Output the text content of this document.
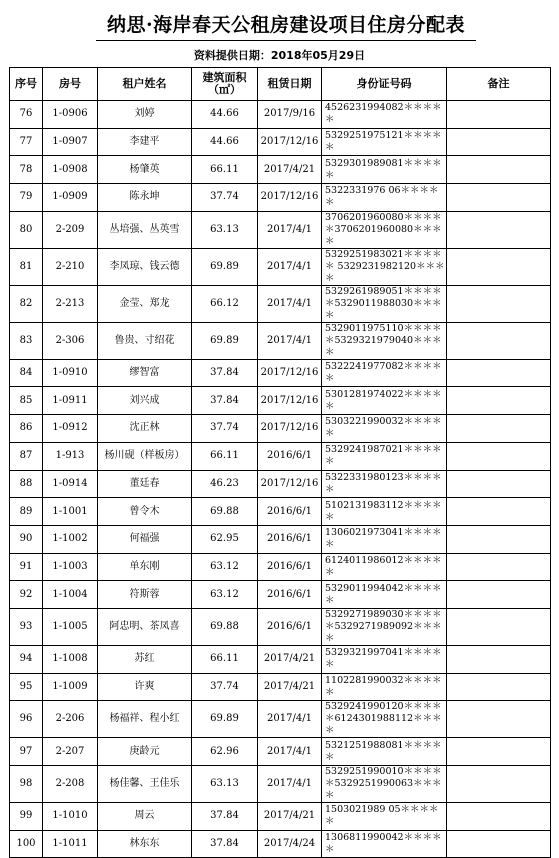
纳思·海岸春天公租房建设项目住房分配表
资料提供日期：2018年05月29日
序号	房号	租户姓名	建筑面积（㎡）	租赁日期	身份证号码	备注
76	1-0906	刘婷	44.66	2017/9/16	4526231994082＊＊＊＊＊	
77	1-0907	李建平	44.66	2017/12/16	5329251975121＊＊＊＊＊	
78	1-0908	杨肇英	66.11	2017/4/21	5329301989081＊＊＊＊＊	
79	1-0909	陈永坤	37.74	2017/12/16	5322331976 06＊＊＊＊＊	
80	2-209	丛培强、丛英雪	63.13	2017/4/1	3706201960080＊＊＊＊＊3706201960080＊＊＊＊	
81	2-210	李凤琼、钱云德	69.89	2017/4/1	5329251983021＊＊＊＊＊ 5329231982120＊＊＊＊	
82	2-213	金莹、郑龙	66.12	2017/4/1	5329261989051＊＊＊＊＊5329011988030＊＊＊＊	
83	2-306	鲁贵、寸绍花	69.89	2017/4/1	5329011975110＊＊＊＊＊5329321979040＊＊＊＊	
84	1-0910	缪智富	37.84	2017/12/16	5322241977082＊＊＊＊＊	
85	1-0911	刘兴成	37.84	2017/12/16	5301281974022＊＊＊＊＊	
86	1-0912	沈正林	37.74	2017/12/16	5303221990032＊＊＊＊＊	
87	1-913	杨川砚（样板房）	66.11	2016/6/1	5329241987021＊＊＊＊＊	
88	1-0914	董廷春	46.23	2017/12/16	5322331980123＊＊＊＊＊	
89	1-1001	曾令木	69.88	2016/6/1	5102131983112＊＊＊＊＊	
90	1-1002	何福强	62.95	2016/6/1	1306021973041＊＊＊＊＊	
91	1-1003	单东刚	63.12	2016/6/1	6124011986012＊＊＊＊＊	
92	1-1004	符斯蓉	63.12	2016/6/1	5329011994042＊＊＊＊＊	
93	1-1005	阿忠明、茶凤喜	69.88	2016/6/1	5329271989030＊＊＊＊＊5329271989092＊＊＊＊	
94	1-1008	苏红	66.11	2017/4/21	5329321997041＊＊＊＊＊	
95	1-1009	许爽	37.74	2017/4/21	1102281990032＊＊＊＊＊	
96	2-206	杨福祥、程小红	69.89	2017/4/1	5329241990120＊＊＊＊＊6124301988112＊＊＊＊	
97	2-207	庚龄元	62.96	2017/4/1	5321251988081＊＊＊＊＊	
98	2-208	杨佳馨、王佳乐	63.13	2017/4/1	5329251990010＊＊＊＊＊5329251990063＊＊＊＊	
99	1-1010	周云	37.84	2017/4/21	1503021989 05＊＊＊＊＊	
100	1-1011	林东东	37.84	2017/4/24	1306811990042＊＊＊＊＊	
